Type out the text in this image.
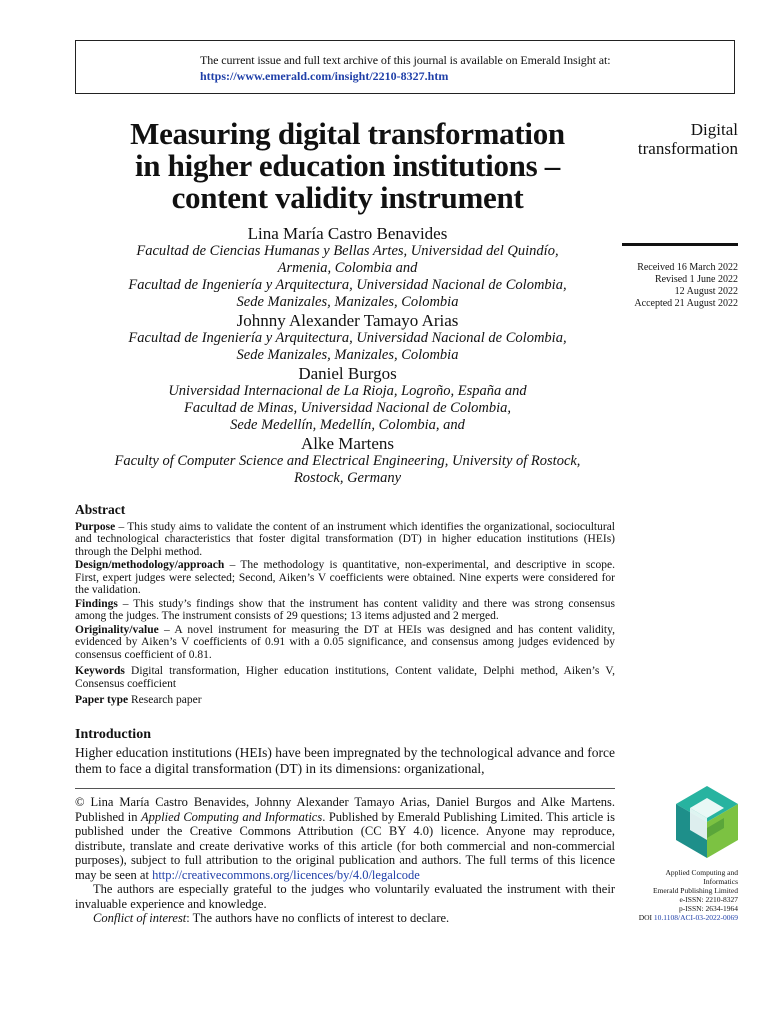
The current issue and full text archive of this journal is available on Emerald Insight at:
https://www.emerald.com/insight/2210-8327.htm
Measuring digital transformation
in higher education institutions –
content validity instrument
Digital
transformation
Received 16 March 2022
Revised 1 June 2022
12 August 2022
Accepted 21 August 2022
Lina María Castro Benavides
Facultad de Ciencias Humanas y Bellas Artes, Universidad del Quindío,
Armenia, Colombia and
Facultad de Ingeniería y Arquitectura, Universidad Nacional de Colombia,
Sede Manizales, Manizales, Colombia
Johnny Alexander Tamayo Arias
Facultad de Ingeniería y Arquitectura, Universidad Nacional de Colombia,
Sede Manizales, Manizales, Colombia
Daniel Burgos
Universidad Internacional de La Rioja, Logroño, España and
Facultad de Minas, Universidad Nacional de Colombia,
Sede Medellín, Medellín, Colombia, and
Alke Martens
Faculty of Computer Science and Electrical Engineering, University of Rostock,
Rostock, Germany
Abstract

Purpose – This study aims to validate the content of an instrument which identifies the organizational, sociocultural and technological characteristics that foster digital transformation (DT) in higher education institutions (HEIs) through the Delphi method.

Design/methodology/approach – The methodology is quantitative, non-experimental, and descriptive in scope. First, expert judges were selected; Second, Aiken’s V coefficients were obtained. Nine experts were considered for the validation.

Findings – This study’s findings show that the instrument has content validity and there was strong consensus among the judges. The instrument consists of 29 questions; 13 items adjusted and 2 merged.

Originality/value – A novel instrument for measuring the DT at HEIs was designed and has content validity, evidenced by Aiken’s V coefficients of 0.91 with a 0.05 significance, and consensus among judges evidenced by consensus coefficient of 0.81.

Keywords Digital transformation, Higher education institutions, Content validate, Delphi method, Aiken’s V, Consensus coefficient

Paper type Research paper

Introduction

Higher education institutions (HEIs) have been impregnated by the technological advance and force them to face a digital transformation (DT) in its dimensions: organizational,

© Lina María Castro Benavides, Johnny Alexander Tamayo Arias, Daniel Burgos and Alke Martens. Published in Applied Computing and Informatics. Published by Emerald Publishing Limited. This article is published under the Creative Commons Attribution (CC BY 4.0) licence. Anyone may reproduce, distribute, translate and create derivative works of this article (for both commercial and non-commercial purposes), subject to full attribution to the original publication and authors. The full terms of this licence may be seen at http://creativecommons.org/licences/by/4.0/legalcode

The authors are especially grateful to the judges who voluntarily evaluated the instrument with their invaluable experience and knowledge.

Conflict of interest: The authors have no conflicts of interest to declare.

Applied Computing and
Informatics
Emerald Publishing Limited
e-ISSN: 2210-8327
p-ISSN: 2634-1964
DOI 10.1108/ACI-03-2022-0069
